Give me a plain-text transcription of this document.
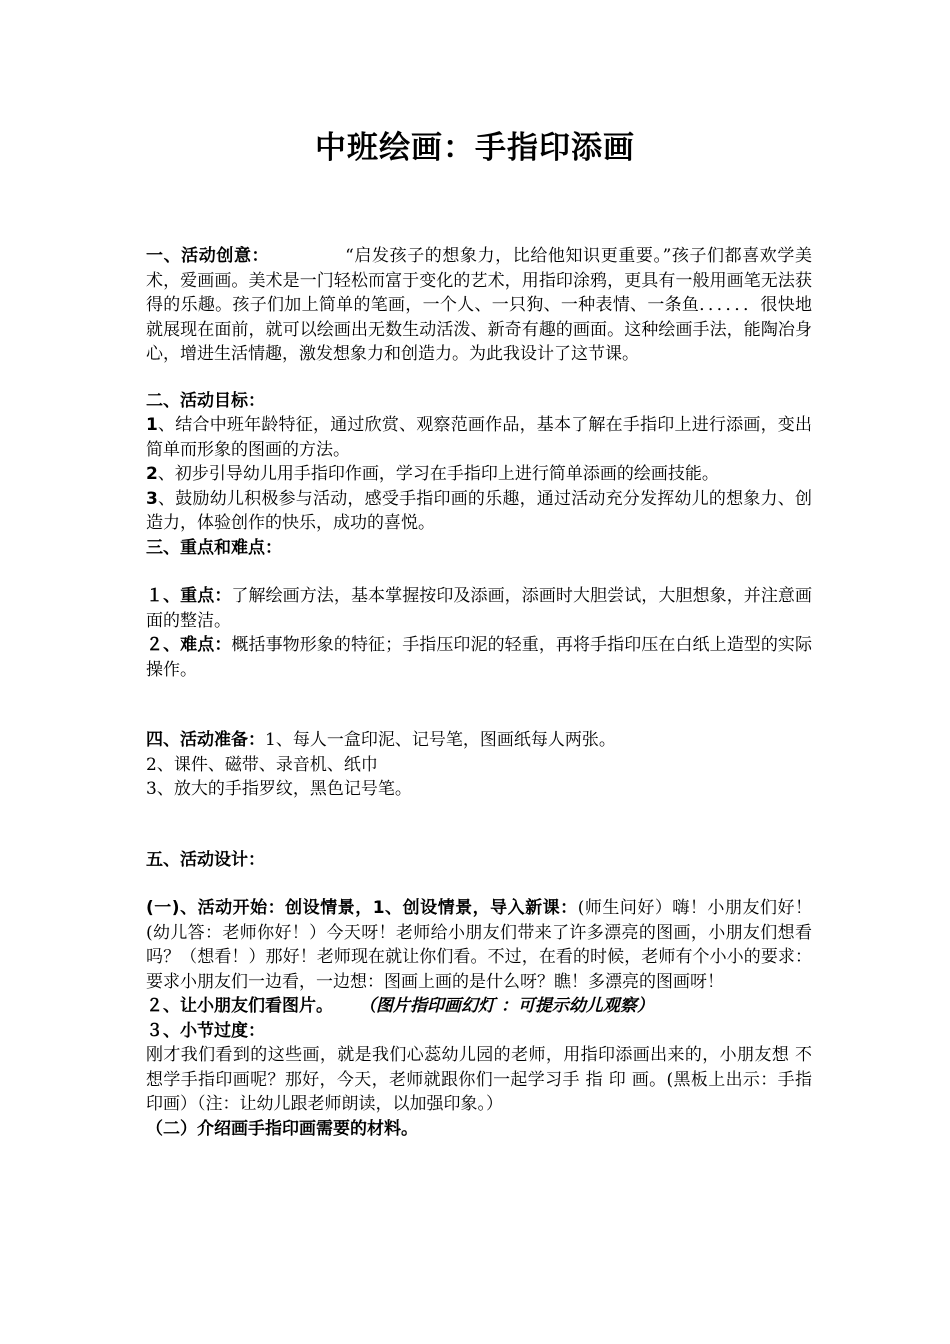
中班绘画：手指印添画

一、活动创意：	“启发孩子的想象力，比给他知识更重要。”孩子们都喜欢学美术，爱画画。美术是一门轻松而富于变化的艺术，用指印涂鸦，更具有一般用画笔无法获得的乐趣。孩子们加上简单的笔画，一个人、一只狗、一种表情、一条鱼．．．．．．很快地就展现在面前，就可以绘画出无数生动活泼、新奇有趣的画面。这种绘画手法，能陶冶身心，增进生活情趣，激发想象力和创造力。为此我设计了这节课。

二、活动目标：

1、结合中班年龄特征，通过欣赏、观察范画作品，基本了解在手指印上进行添画，变出简单而形象的图画的方法。

2、初步引导幼儿用手指印作画，学习在手指印上进行简单添画的绘画技能。

3、鼓励幼儿积极参与活动，感受手指印画的乐趣，通过活动充分发挥幼儿的想象力、创造力，体验创作的快乐，成功的喜悦。

三、重点和难点：

１、重点：了解绘画方法，基本掌握按印及添画，添画时大胆尝试，大胆想象，并注意画面的整洁。

２、难点：概括事物形象的特征；手指压印泥的轻重，再将手指印压在白纸上造型的实际操作。

四、活动准备：1、每人一盒印泥、记号笔，图画纸每人两张。

2、课件、磁带、录音机、纸巾

3、放大的手指罗纹，黑色记号笔。

五、活动设计：

(一)、活动开始：创设情景，1、创设情景，导入新课：(师生问好）嗨！小朋友们好！(幼儿答：老师你好！）今天呀！老师给小朋友们带来了许多漂亮的图画，小朋友们想看吗？（想看！）那好！老师现在就让你们看。不过，在看的时候，老师有个小小的要求：要求小朋友们一边看，一边想：图画上画的是什么呀？瞧！多漂亮的图画呀！

２、让小朋友们看图片。 （图片指印画幻灯 ：可提示幼儿观察）

３、小节过度：

刚才我们看到的这些画，就是我们心蕊幼儿园的老师，用指印添画出来的，小朋友想 不 想学手指印画呢？那好，今天，老师就跟你们一起学习手 指 印 画。(黑板上出示：手指印画）（注：让幼儿跟老师朗读，以加强印象。）

（二）介绍画手指印画需要的材料。
